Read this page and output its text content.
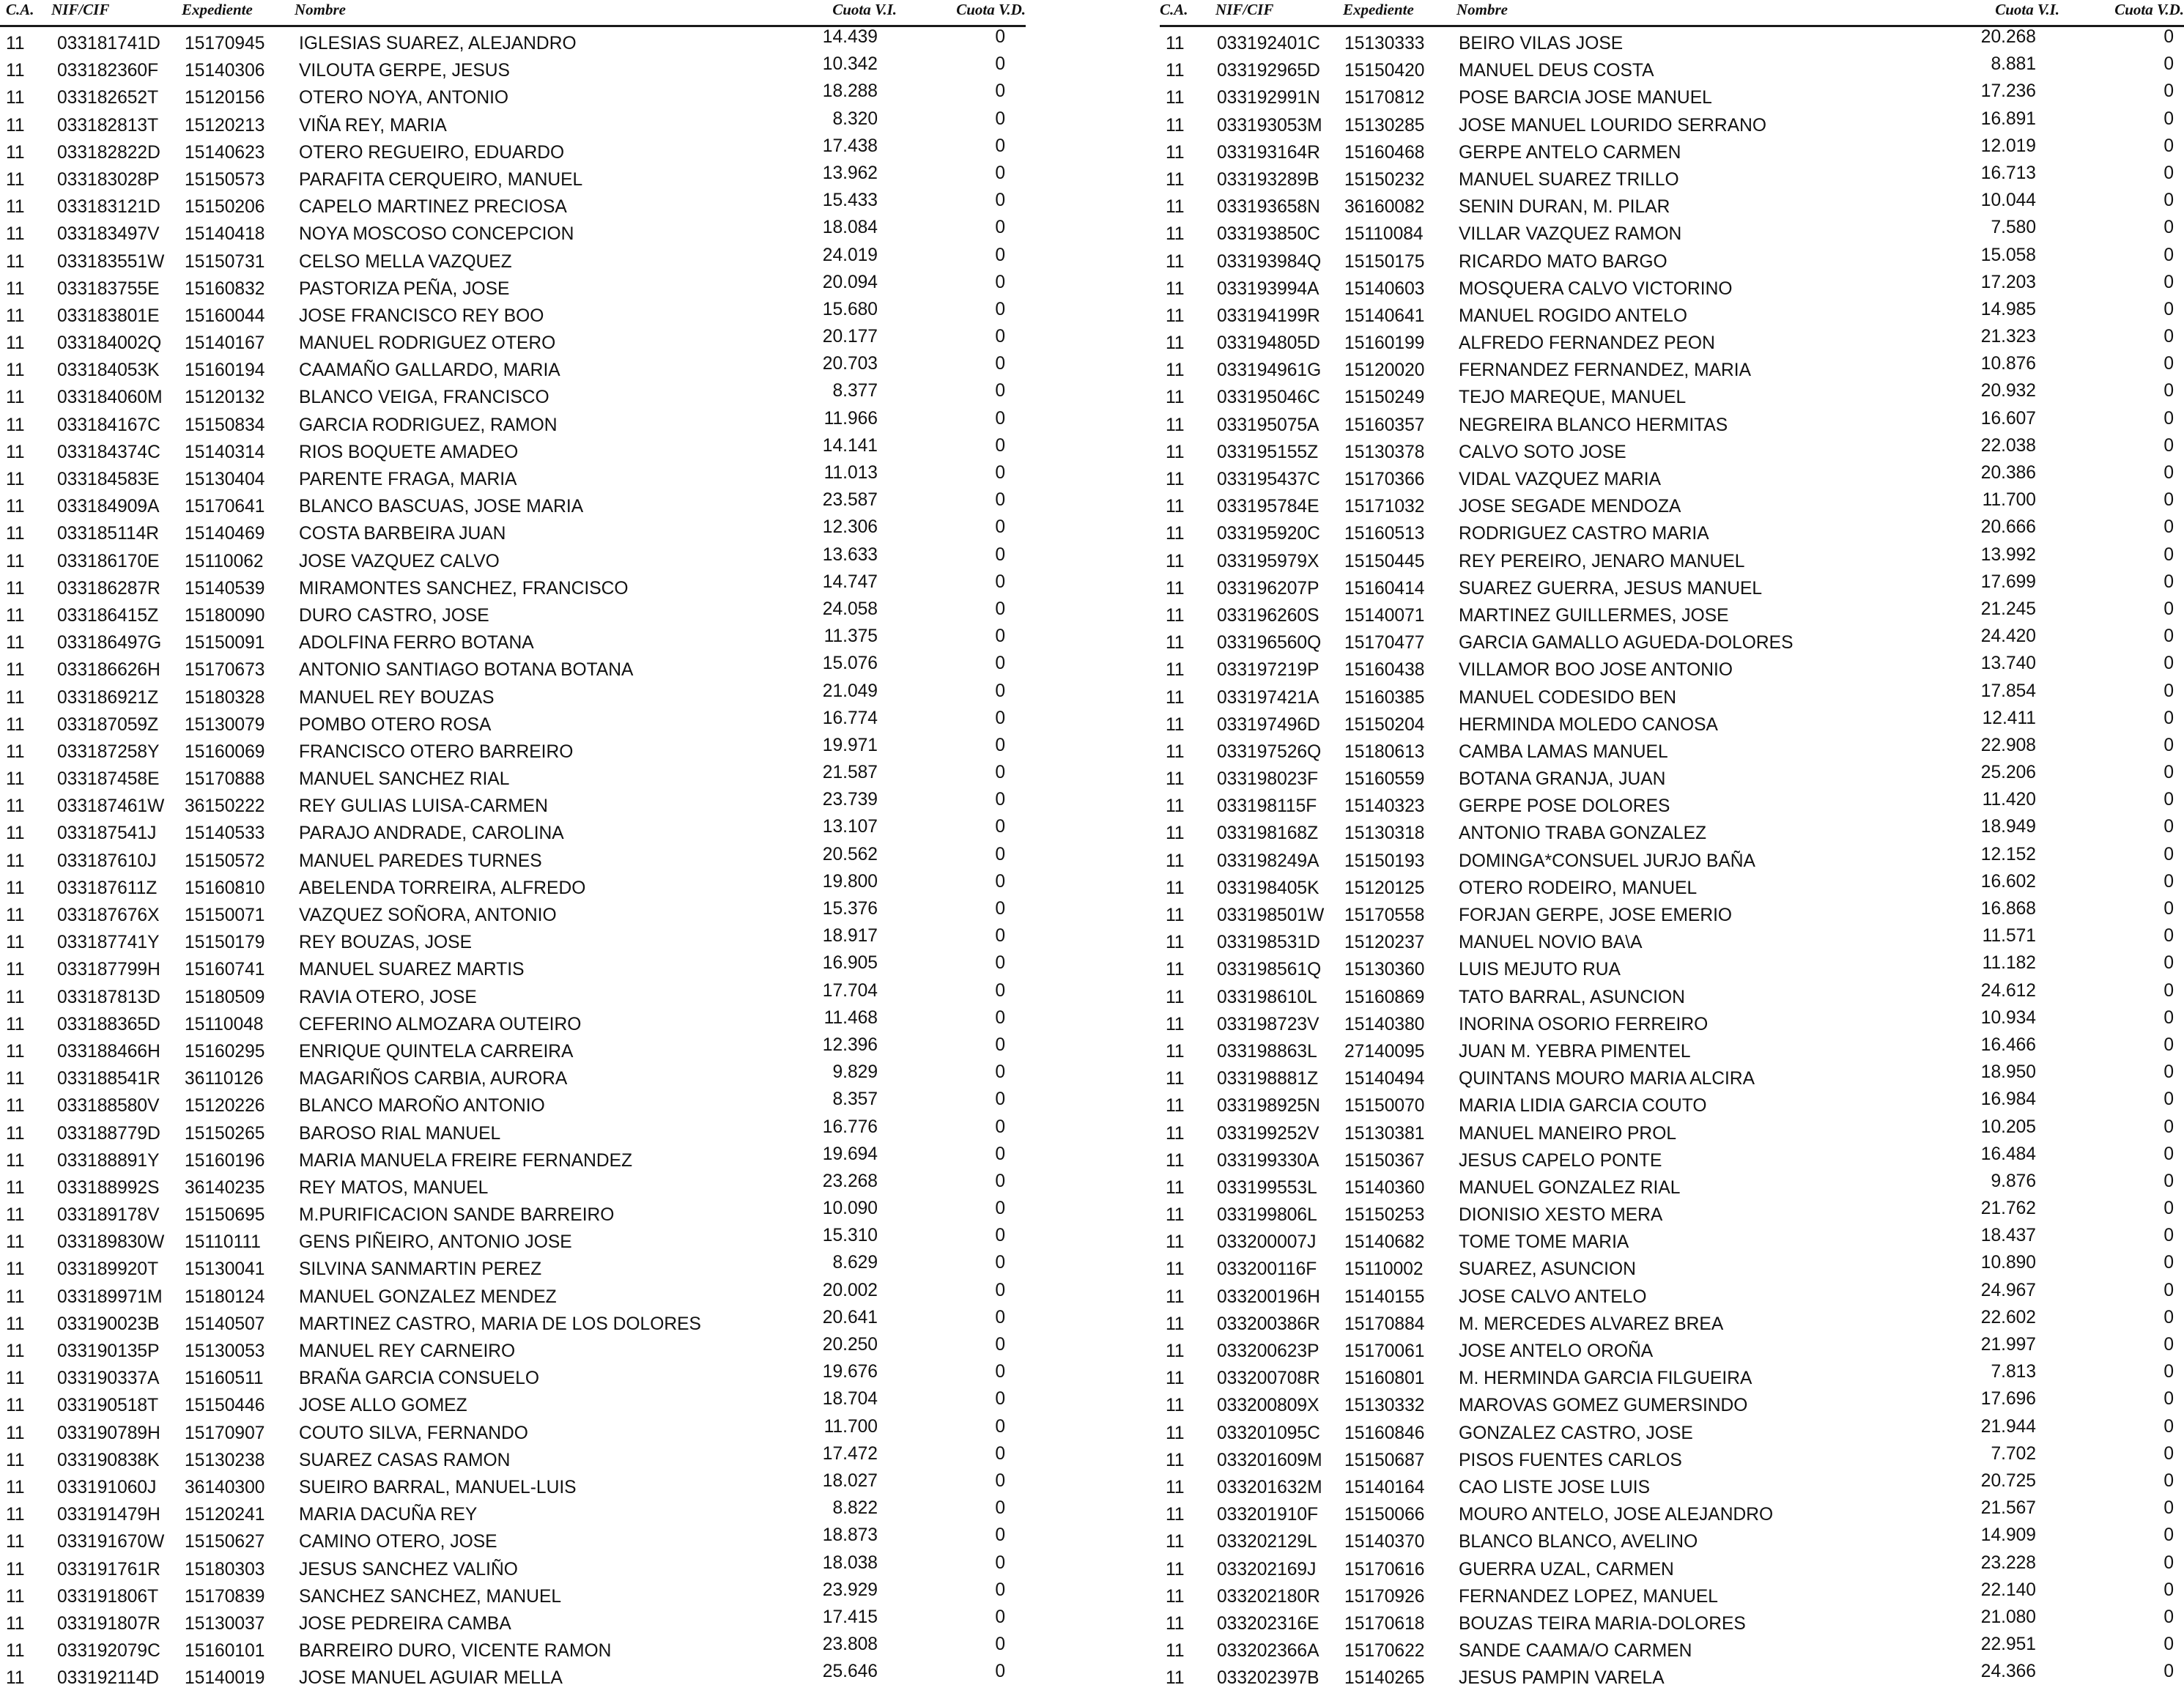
C.A. NIF/CIF	Expediente	Nombre	Cuota V.I.	Cuota V.D.
11 033181741D 15170945 IGLESIAS SUAREZ, ALEJANDRO	14.439	0
11 033182360F 15140306 VILOUTA GERPE, JESUS	10.342	0
11 033182652T 15120156 OTERO NOYA, ANTONIO	18.288	0
11 033182813T 15120213 VIÑA REY, MARIA	8.320	0
11 033182822D 15140623 OTERO REGUEIRO, EDUARDO	17.438	0
11 033183028P 15150573 PARAFITA CERQUEIRO, MANUEL	13.962	0
11 033183121D 15150206 CAPELO MARTINEZ PRECIOSA	15.433	0
11 033183497V 15140418 NOYA MOSCOSO CONCEPCION	18.084	0
11 033183551W 15150731 CELSO MELLA VAZQUEZ	24.019	0
11 033183755E 15160832 PASTORIZA PEÑA, JOSE	20.094	0
11 033183801E 15160044 JOSE FRANCISCO REY BOO	15.680	0
11 033184002Q 15140167 MANUEL RODRIGUEZ OTERO	20.177	0
11 033184053K 15160194 CAAMAÑO GALLARDO, MARIA	20.703	0
11 033184060M 15120132 BLANCO VEIGA, FRANCISCO	8.377	0
11 033184167C 15150834 GARCIA RODRIGUEZ, RAMON	11.966	0
11 033184374C 15140314 RIOS BOQUETE AMADEO	14.141	0
11 033184583E 15130404 PARENTE FRAGA, MARIA	11.013	0
11 033184909A 15170641 BLANCO BASCUAS, JOSE MARIA	23.587	0
11 033185114R 15140469 COSTA BARBEIRA JUAN	12.306	0
11 033186170E 15110062 JOSE VAZQUEZ CALVO	13.633	0
11 033186287R 15140539 MIRAMONTES SANCHEZ, FRANCISCO	14.747	0
11 033186415Z 15180090 DURO CASTRO, JOSE	24.058	0
11 033186497G 15150091 ADOLFINA FERRO BOTANA	11.375	0
11 033186626H 15170673 ANTONIO SANTIAGO BOTANA BOTANA	15.076	0
11 033186921Z 15180328 MANUEL REY BOUZAS	21.049	0
11 033187059Z 15130079 POMBO OTERO ROSA	16.774	0
11 033187258Y 15160069 FRANCISCO OTERO BARREIRO	19.971	0
11 033187458E 15170888 MANUEL SANCHEZ RIAL	21.587	0
11 033187461W 36150222 REY GULIAS LUISA-CARMEN	23.739	0
11 033187541J 15140533 PARAJO ANDRADE, CAROLINA	13.107	0
11 033187610J 15150572 MANUEL PAREDES TURNES	20.562	0
11 033187611Z 15160810 ABELENDA TORREIRA, ALFREDO	19.800	0
11 033187676X 15150071 VAZQUEZ SOÑORA, ANTONIO	15.376	0
11 033187741Y 15150179 REY BOUZAS, JOSE	18.917	0
11 033187799H 15160741 MANUEL SUAREZ MARTIS	16.905	0
11 033187813D 15180509 RAVIA OTERO, JOSE	17.704	0
11 033188365D 15110048 CEFERINO ALMOZARA OUTEIRO	11.468	0
11 033188466H 15160295 ENRIQUE QUINTELA CARREIRA	12.396	0
11 033188541R 36110126 MAGARIÑOS CARBIA, AURORA	9.829	0
11 033188580V 15120226 BLANCO MAROÑO ANTONIO	8.357	0
11 033188779D 15150265 BAROSO RIAL MANUEL	16.776	0
11 033188891Y 15160196 MARIA MANUELA FREIRE FERNANDEZ	19.694	0
11 033188992S 36140235 REY MATOS, MANUEL	23.268	0
11 033189178V 15150695 M.PURIFICACION SANDE BARREIRO	10.090	0
11 033189830W 15110111 GENS PIÑEIRO, ANTONIO JOSE	15.310	0
11 033189920T 15130041 SILVINA SANMARTIN PEREZ	8.629	0
11 033189971M 15180124 MANUEL GONZALEZ MENDEZ	20.002	0
11 033190023B 15140507 MARTINEZ CASTRO, MARIA DE LOS DOLORES	20.641	0
11 033190135P 15130053 MANUEL REY CARNEIRO	20.250	0
11 033190337A 15160511 BRAÑA GARCIA CONSUELO	19.676	0
11 033190518T 15150446 JOSE ALLO GOMEZ	18.704	0
11 033190789H 15170907 COUTO SILVA, FERNANDO	11.700	0
11 033190838K 15130238 SUAREZ CASAS RAMON	17.472	0
11 033191060J 36140300 SUEIRO BARRAL, MANUEL-LUIS	18.027	0
11 033191479H 15120241 MARIA DACUÑA REY	8.822	0
11 033191670W 15150627 CAMINO OTERO, JOSE	18.873	0
11 033191761R 15180303 JESUS SANCHEZ VALIÑO	18.038	0
11 033191806T 15170839 SANCHEZ SANCHEZ, MANUEL	23.929	0
11 033191807R 15130037 JOSE PEDREIRA CAMBA	17.415	0
11 033192079C 15160101 BARREIRO DURO, VICENTE RAMON	23.808	0
11 033192114D 15140019 JOSE MANUEL AGUIAR MELLA	25.646	0
C.A. NIF/CIF	Expediente	Nombre	Cuota V.I.	Cuota V.D.
11 033192401C 15130333 BEIRO VILAS JOSE	20.268	0
11 033192965D 15150420 MANUEL DEUS COSTA	8.881	0
11 033192991N 15170812 POSE BARCIA JOSE MANUEL	17.236	0
11 033193053M 15130285 JOSE MANUEL LOURIDO SERRANO	16.891	0
11 033193164R 15160468 GERPE ANTELO CARMEN	12.019	0
11 033193289B 15150232 MANUEL SUAREZ TRILLO	16.713	0
11 033193658N 36160082 SENIN DURAN, M. PILAR	10.044	0
11 033193850C 15110084 VILLAR VAZQUEZ RAMON	7.580	0
11 033193984Q 15150175 RICARDO MATO BARGO	15.058	0
11 033193994A 15140603 MOSQUERA CALVO VICTORINO	17.203	0
11 033194199R 15140641 MANUEL ROGIDO ANTELO	14.985	0
11 033194805D 15160199 ALFREDO FERNANDEZ PEON	21.323	0
11 033194961G 15120020 FERNANDEZ FERNANDEZ, MARIA	10.876	0
11 033195046C 15150249 TEJO MAREQUE, MANUEL	20.932	0
11 033195075A 15160357 NEGREIRA BLANCO HERMITAS	16.607	0
11 033195155Z 15130378 CALVO SOTO JOSE	22.038	0
11 033195437C 15170366 VIDAL VAZQUEZ MARIA	20.386	0
11 033195784E 15171032 JOSE SEGADE MENDOZA	11.700	0
11 033195920C 15160513 RODRIGUEZ CASTRO MARIA	20.666	0
11 033195979X 15150445 REY PEREIRO, JENARO MANUEL	13.992	0
11 033196207P 15160414 SUAREZ GUERRA, JESUS MANUEL	17.699	0
11 033196260S 15140071 MARTINEZ GUILLERMES, JOSE	21.245	0
11 033196560Q 15170477 GARCIA GAMALLO AGUEDA-DOLORES	24.420	0
11 033197219P 15160438 VILLAMOR BOO JOSE ANTONIO	13.740	0
11 033197421A 15160385 MANUEL CODESIDO BEN	17.854	0
11 033197496D 15150204 HERMINDA MOLEDO CANOSA	12.411	0
11 033197526Q 15180613 CAMBA LAMAS MANUEL	22.908	0
11 033198023F 15160559 BOTANA GRANJA, JUAN	25.206	0
11 033198115F 15140323 GERPE POSE DOLORES	11.420	0
11 033198168Z 15130318 ANTONIO TRABA GONZALEZ	18.949	0
11 033198249A 15150193 DOMINGA*CONSUEL JURJO BAÑA	12.152	0
11 033198405K 15120125 OTERO RODEIRO, MANUEL	16.602	0
11 033198501W 15170558 FORJAN GERPE, JOSE EMERIO	16.868	0
11 033198531D 15120237 MANUEL NOVIO BA\A	11.571	0
11 033198561Q 15130360 LUIS MEJUTO RUA	11.182	0
11 033198610L 15160869 TATO BARRAL, ASUNCION	24.612	0
11 033198723V 15140380 INORINA OSORIO FERREIRO	10.934	0
11 033198863L 27140095 JUAN M. YEBRA PIMENTEL	16.466	0
11 033198881Z 15140494 QUINTANS MOURO MARIA ALCIRA	18.950	0
11 033198925N 15150070 MARIA LIDIA GARCIA COUTO	16.984	0
11 033199252V 15130381 MANUEL MANEIRO PROL	10.205	0
11 033199330A 15150367 JESUS CAPELO PONTE	16.484	0
11 033199553L 15140360 MANUEL GONZALEZ RIAL	9.876	0
11 033199806L 15150253 DIONISIO XESTO MERA	21.762	0
11 033200007J 15140682 TOME TOME MARIA	18.437	0
11 033200116F 15110002 SUAREZ, ASUNCION	10.890	0
11 033200196H 15140155 JOSE CALVO ANTELO	24.967	0
11 033200386R 15170884 M. MERCEDES ALVAREZ BREA	22.602	0
11 033200623P 15170061 JOSE ANTELO OROÑA	21.997	0
11 033200708R 15160801 M. HERMINDA GARCIA FILGUEIRA	7.813	0
11 033200809X 15130332 MAROVAS GOMEZ GUMERSINDO	17.696	0
11 033201095C 15160846 GONZALEZ CASTRO, JOSE	21.944	0
11 033201609M 15150687 PISOS FUENTES CARLOS	7.702	0
11 033201632M 15140164 CAO LISTE JOSE LUIS	20.725	0
11 033201910F 15150066 MOURO ANTELO, JOSE ALEJANDRO	21.567	0
11 033202129L 15140370 BLANCO BLANCO, AVELINO	14.909	0
11 033202169J 15170616 GUERRA UZAL, CARMEN	23.228	0
11 033202180R 15170926 FERNANDEZ LOPEZ, MANUEL	22.140	0
11 033202316E 15170618 BOUZAS TEIRA MARIA-DOLORES	21.080	0
11 033202366A 15170622 SANDE CAAMA/O CARMEN	22.951	0
11 033202397B 15140265 JESUS PAMPIN VARELA	24.366	0
